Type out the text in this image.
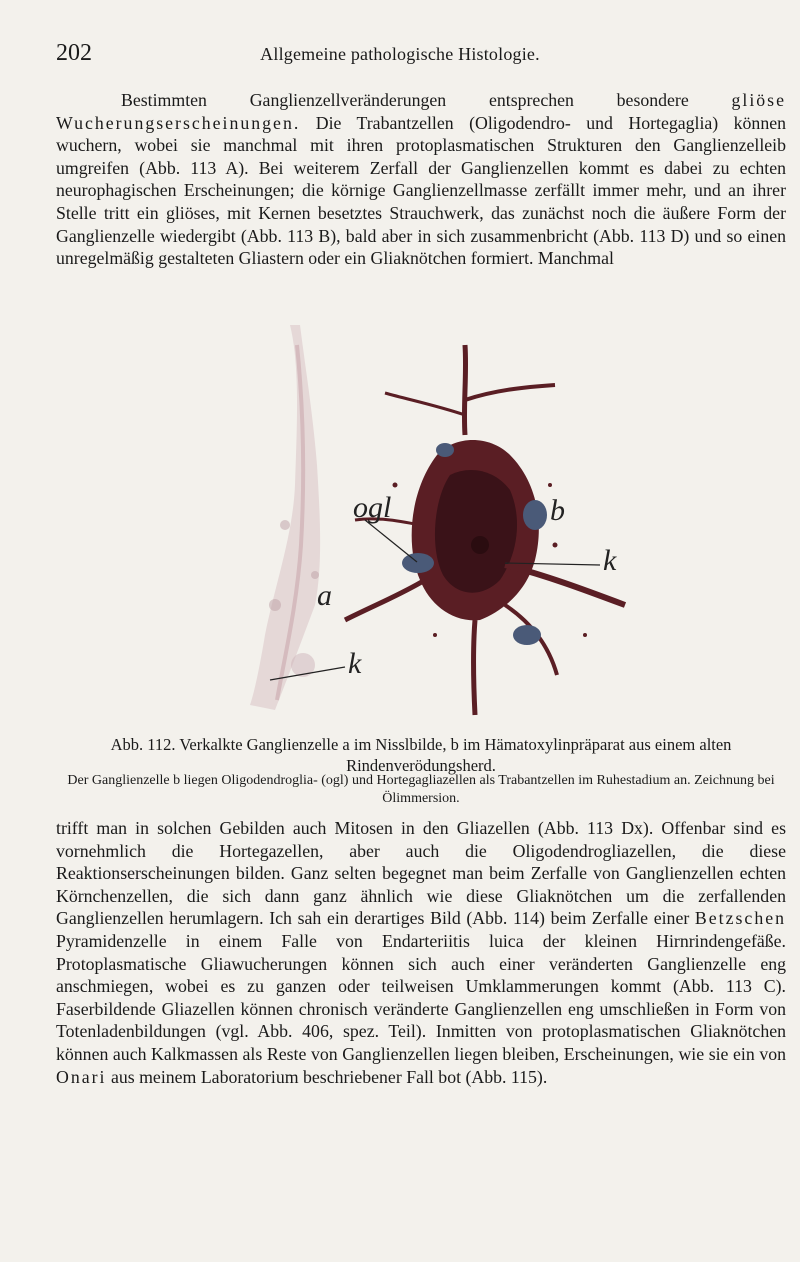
202	Allgemeine pathologische Histologie.

Bestimmten Ganglienzellveränderungen entsprechen besondere gliöse Wucherungserscheinungen. Die Trabantzellen (Oligodendro- und Hortegaglia) können wuchern, wobei sie manchmal mit ihren protoplasmatischen Strukturen den Ganglienzelleib umgreifen (Abb. 113 A). Bei weiterem Zerfall der Ganglienzellen kommt es dabei zu echten neurophagischen Erscheinungen; die körnige Ganglienzellmasse zerfällt immer mehr, und an ihrer Stelle tritt ein gliöses, mit Kernen besetztes Strauchwerk, das zunächst noch die äußere Form der Ganglienzelle wiedergibt (Abb. 113 B), bald aber in sich zusammenbricht (Abb. 113 D) und so einen unregelmäßig gestalteten Gliastern oder ein Gliaknötchen formiert. Manchmal

ogl	b
k
a
k
Abb. 112. Verkalkte Ganglienzelle a im Nisslbilde, b im Hämatoxylinpräparat aus einem alten Rindenverödungsherd.
Der Ganglienzelle b liegen Oligodendroglia- (ogl) und Hortegagliazellen als Trabantzellen im Ruhestadium an. Zeichnung bei Ölimmersion.

trifft man in solchen Gebilden auch Mitosen in den Gliazellen (Abb. 113 Dx). Offenbar sind es vornehmlich die Hortegazellen, aber auch die Oligodendrogliazellen, die diese Reaktionserscheinungen bilden. Ganz selten begegnet man beim Zerfalle von Ganglienzellen echten Körnchenzellen, die sich dann ganz ähnlich wie diese Gliaknötchen um die zerfallenden Ganglienzellen herumlagern. Ich sah ein derartiges Bild (Abb. 114) beim Zerfalle einer Betzschen Pyramidenzelle in einem Falle von Endarteriitis luica der kleinen Hirnrindengefäße. Protoplasmatische Gliawucherungen können sich auch einer veränderten Ganglienzelle eng anschmiegen, wobei es zu ganzen oder teilweisen Umklammerungen kommt (Abb. 113 C). Faserbildende Gliazellen können chronisch veränderte Ganglienzellen eng umschließen in Form von Totenladenbildungen (vgl. Abb. 406, spez. Teil). Inmitten von protoplasmatischen Gliaknötchen können auch Kalkmassen als Reste von Ganglienzellen liegen bleiben, Erscheinungen, wie sie ein von Onari aus meinem Laboratorium beschriebener Fall bot (Abb. 115).
